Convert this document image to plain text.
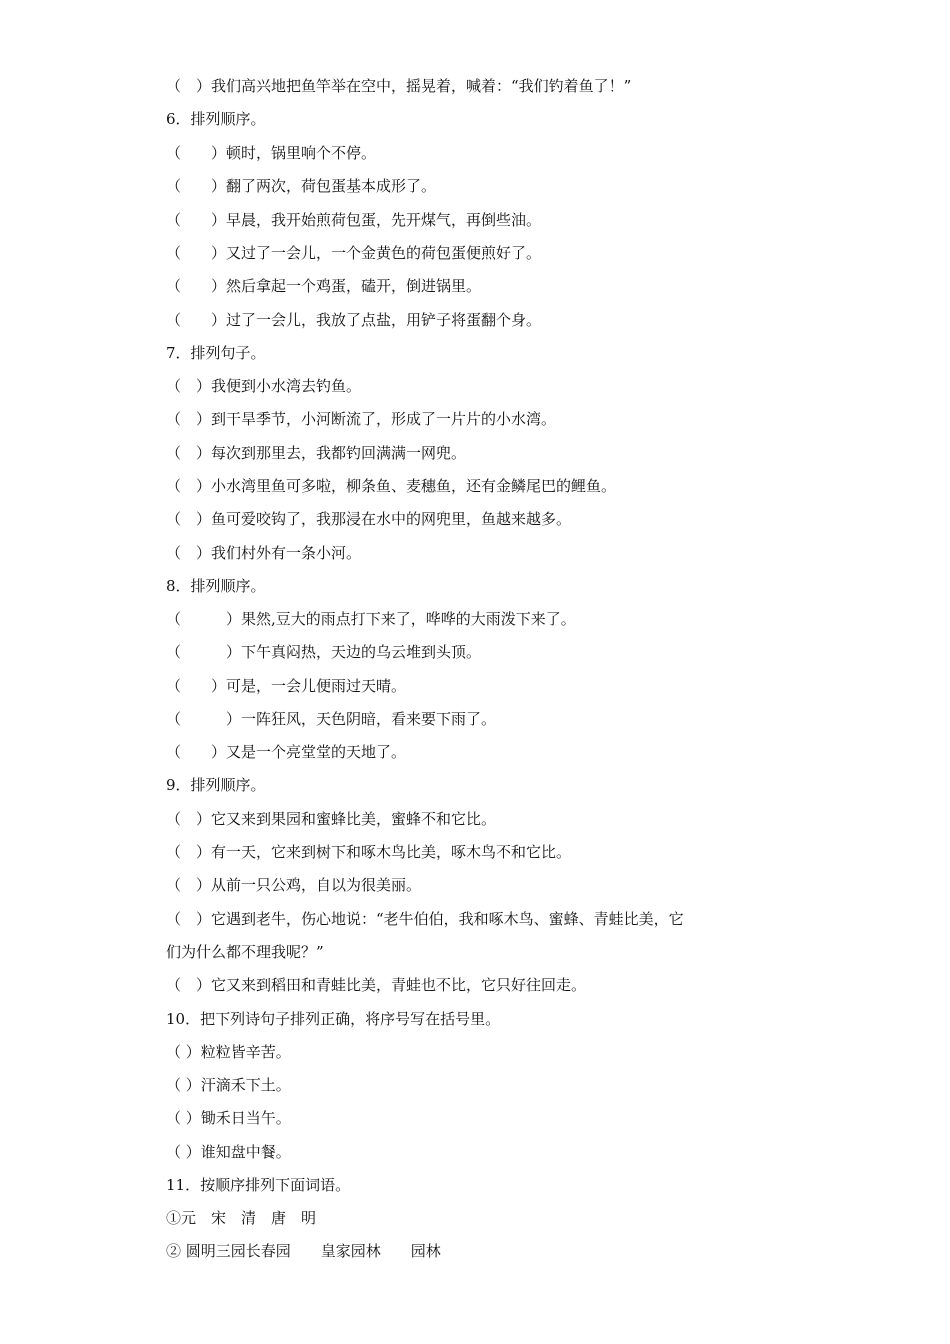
（　）我们高兴地把鱼竿举在空中，摇晃着，喊着：“我们钓着鱼了！”
6．排列顺序。
（　　）顿时，锅里响个不停。
（　　）翻了两次，荷包蛋基本成形了。
（　　）早晨，我开始煎荷包蛋，先开煤气，再倒些油。
（　　）又过了一会儿，一个金黄色的荷包蛋便煎好了。
（　　）然后拿起一个鸡蛋，磕开，倒进锅里。
（　　）过了一会儿，我放了点盐，用铲子将蛋翻个身。
7．排列句子。
（　）我便到小水湾去钓鱼。
（　）到干旱季节，小河断流了，形成了一片片的小水湾。
（　）每次到那里去，我都钓回满满一网兜。
（　）小水湾里鱼可多啦，柳条鱼、麦穗鱼，还有金鳞尾巴的鲤鱼。
（　）鱼可爱咬钩了，我那浸在水中的网兜里，鱼越来越多。
（　）我们村外有一条小河。
8．排列顺序。
（　　　）果然,豆大的雨点打下来了，哗哗的大雨泼下来了。
（　　　）下午真闷热，天边的乌云堆到头顶。
（　　）可是，一会儿便雨过天晴。
（　　　）一阵狂风，天色阴暗，看来要下雨了。
（　　）又是一个亮堂堂的天地了。
9．排列顺序。
（　）它又来到果园和蜜蜂比美，蜜蜂不和它比。
（　）有一天，它来到树下和啄木鸟比美，啄木鸟不和它比。
（　）从前一只公鸡，自以为很美丽。
（　）它遇到老牛，伤心地说：“老牛伯伯，我和啄木鸟、蜜蜂、青蛙比美，它
们为什么都不理我呢？”
（　）它又来到稻田和青蛙比美，青蛙也不比，它只好往回走。
10．把下列诗句子排列正确，将序号写在括号里。
（ ）粒粒皆辛苦。
（ ）汗滴禾下土。
（ ）锄禾日当午。
（ ）谁知盘中餐。
11．按顺序排列下面词语。
①元　宋　清　唐　明
② 圆明三园长春园　　皇家园林　　园林
